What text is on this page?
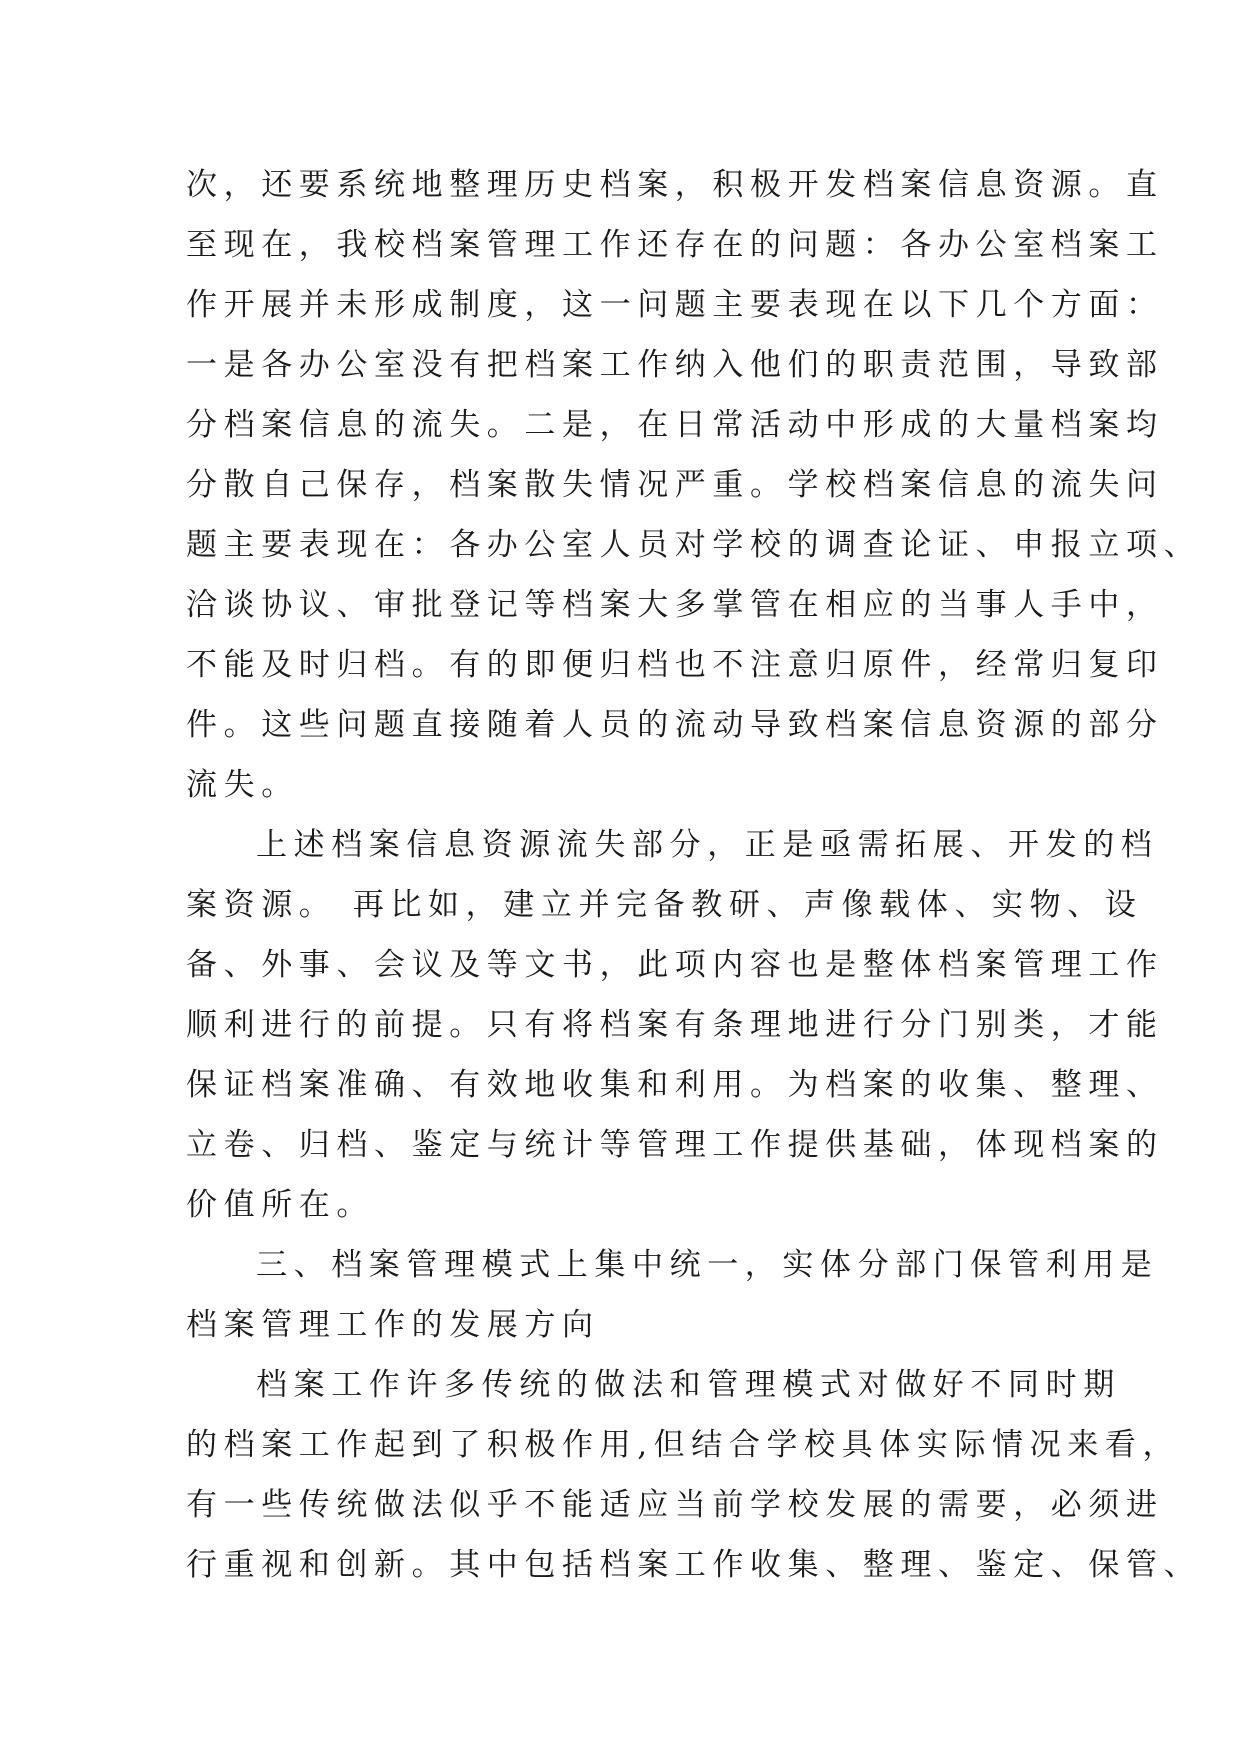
次，还要系统地整理历史档案，积极开发档案信息资源。直
至现在，我校档案管理工作还存在的问题：各办公室档案工
作开展并未形成制度，这一问题主要表现在以下几个方面：
一是各办公室没有把档案工作纳入他们的职责范围，导致部
分档案信息的流失。二是，在日常活动中形成的大量档案均
分散自己保存，档案散失情况严重。学校档案信息的流失问
题主要表现在：各办公室人员对学校的调查论证、申报立项、
洽谈协议、审批登记等档案大多掌管在相应的当事人手中，
不能及时归档。有的即便归档也不注意归原件，经常归复印
件。这些问题直接随着人员的流动导致档案信息资源的部分
流失。
上述档案信息资源流失部分，正是亟需拓展、开发的档
案资源。 再比如，建立并完备教研、声像载体、实物、设
备、外事、会议及等文书，此项内容也是整体档案管理工作
顺利进行的前提。只有将档案有条理地进行分门别类，才能
保证档案准确、有效地收集和利用。为档案的收集、整理、
立卷、归档、鉴定与统计等管理工作提供基础，体现档案的
价值所在。
三、档案管理模式上集中统一，实体分部门保管利用是
档案管理工作的发展方向
档案工作许多传统的做法和管理模式对做好不同时期
的档案工作起到了积极作用,但结合学校具体实际情况来看，
有一些传统做法似乎不能适应当前学校发展的需要，必须进
行重视和创新。其中包括档案工作收集、整理、鉴定、保管、
